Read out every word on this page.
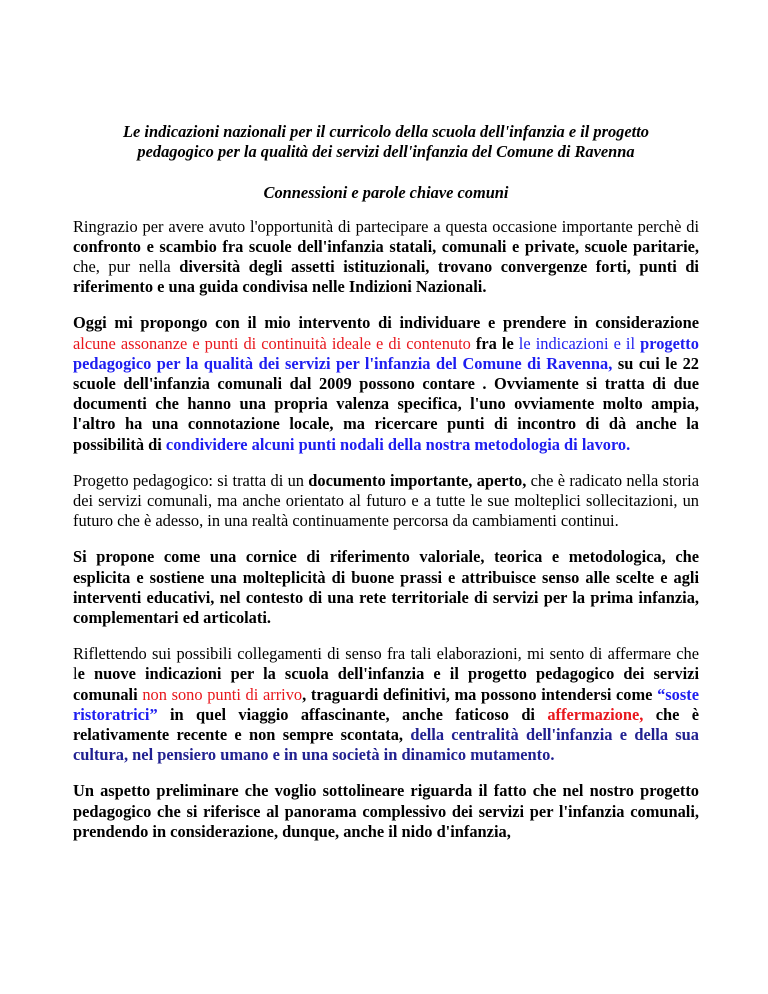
Le indicazioni nazionali per il curricolo della scuola dell'infanzia e il progetto
pedagogico per la qualità dei servizi dell'infanzia del Comune di Ravenna
Connessioni e parole chiave comuni

Ringrazio per avere avuto l'opportunità di partecipare a questa occasione importante perchè di confronto e scambio fra scuole dell'infanzia statali, comunali e private, scuole paritarie, che, pur nella diversità degli assetti istituzionali, trovano convergenze forti, punti di riferimento e una guida condivisa nelle Indizioni Nazionali.

Oggi mi propongo con il mio intervento di individuare e prendere in considerazione alcune assonanze e punti di continuità ideale e di contenuto fra le le indicazioni e il progetto pedagogico per la qualità dei servizi per l'infanzia del Comune di Ravenna, su cui le 22 scuole dell'infanzia comunali dal 2009 possono contare . Ovviamente si tratta di due documenti che hanno una propria valenza specifica, l'uno ovviamente molto ampia, l'altro ha una connotazione locale, ma ricercare punti di incontro di dà anche la possibilità di condividere alcuni punti nodali della nostra metodologia di lavoro.

Progetto pedagogico: si tratta di un documento importante, aperto, che è radicato nella storia dei servizi comunali, ma anche orientato al futuro e a tutte le sue molteplici sollecitazioni, un futuro che è adesso, in una realtà continuamente percorsa da cambiamenti continui.

Si propone come una cornice di riferimento valoriale, teorica e metodologica, che esplicita e sostiene una molteplicità di buone prassi e attribuisce senso alle scelte e agli interventi educativi, nel contesto di una rete territoriale di servizi per la prima infanzia, complementari ed articolati.

Riflettendo sui possibili collegamenti di senso fra tali elaborazioni, mi sento di affermare che le nuove indicazioni per la scuola dell'infanzia e il progetto pedagogico dei servizi comunali non sono punti di arrivo, traguardi definitivi, ma possono intendersi come “soste ristoratrici” in quel viaggio affascinante, anche faticoso di affermazione, che è relativamente recente e non sempre scontata, della centralità dell'infanzia e della sua cultura, nel pensiero umano e in una società in dinamico mutamento.

Un aspetto preliminare che voglio sottolineare riguarda il fatto che nel nostro progetto pedagogico che si riferisce al panorama complessivo dei servizi per l'infanzia comunali, prendendo in considerazione, dunque, anche il nido d'infanzia,
